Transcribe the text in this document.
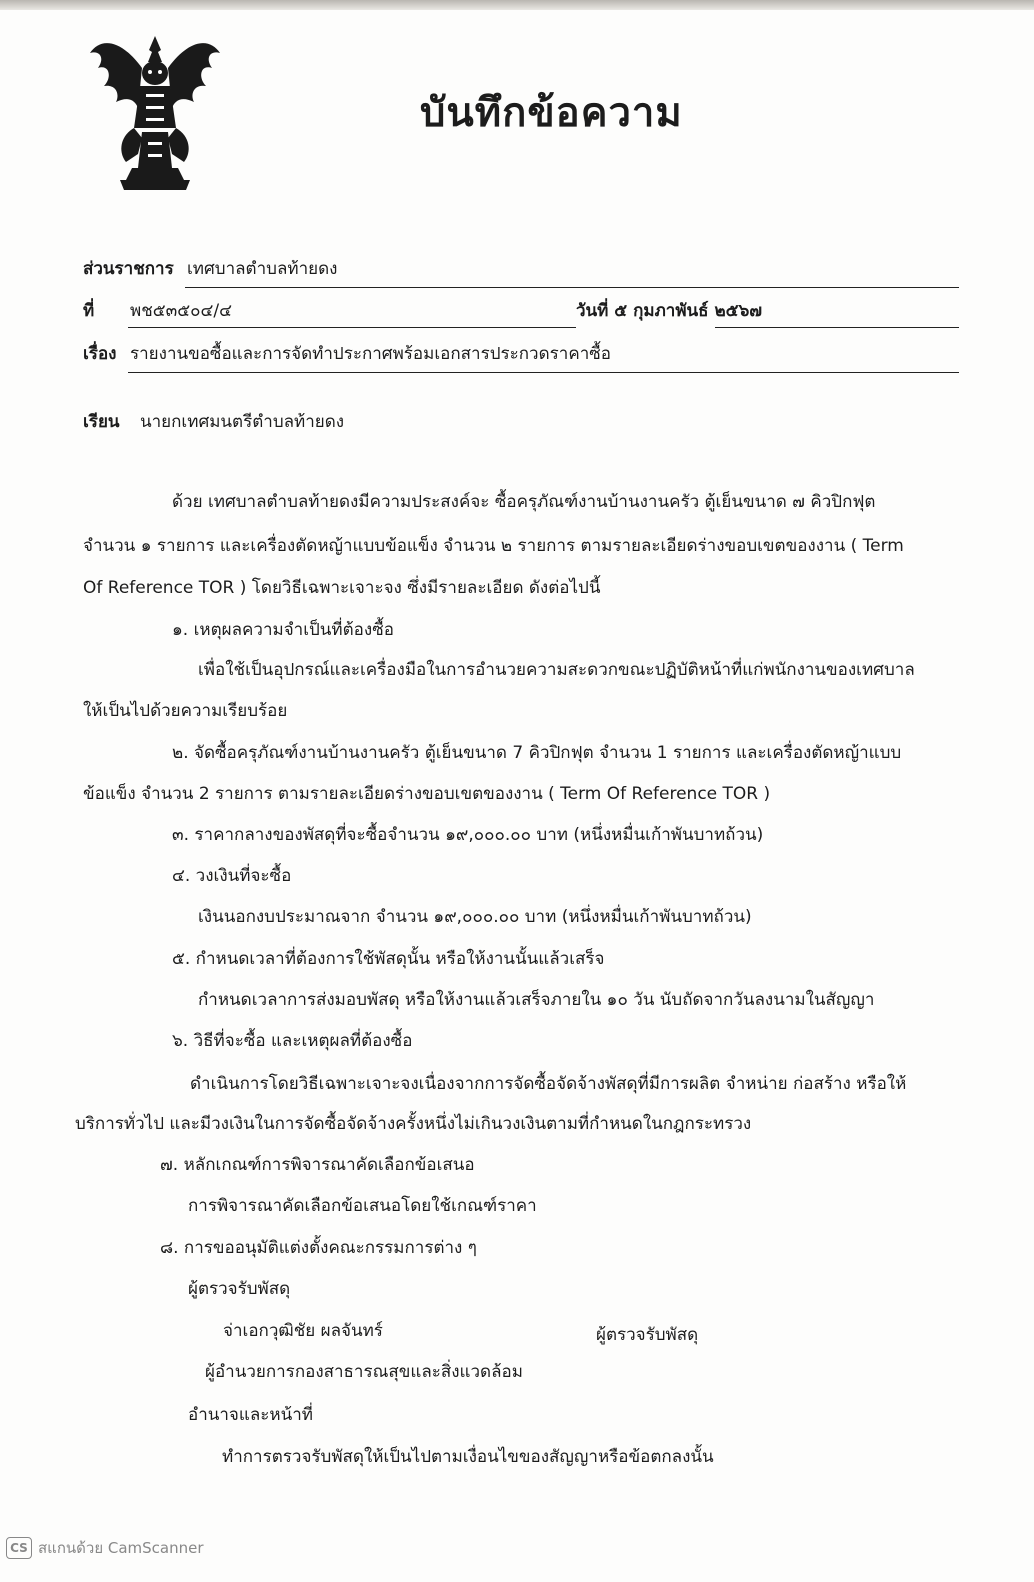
บันทึกข้อความ
ส่วนราชการ เทศบาลตำบลท้ายดง
ที่ พช๕๓๕๐๔/๔	วันที่ ๕ กุมภาพันธ์ ๒๕๖๗
เรื่อง รายงานขอซื้อและการจัดทำประกาศพร้อมเอกสารประกวดราคาซื้อ
เรียน นายกเทศมนตรีตำบลท้ายดง
ด้วย เทศบาลตำบลท้ายดงมีความประสงค์จะ ซื้อครุภัณฑ์งานบ้านงานครัว ตู้เย็นขนาด ๗ คิวปิกฟุต
จำนวน ๑ รายการ และเครื่องตัดหญ้าแบบข้อแข็ง จำนวน ๒ รายการ ตามรายละเอียดร่างขอบเขตของงาน ( Term
Of Reference TOR ) โดยวิธีเฉพาะเจาะจง ซึ่งมีรายละเอียด ดังต่อไปนี้
๑. เหตุผลความจำเป็นที่ต้องซื้อ
เพื่อใช้เป็นอุปกรณ์และเครื่องมือในการอำนวยความสะดวกขณะปฏิบัติหน้าที่แก่พนักงานของเทศบาล
ให้เป็นไปด้วยความเรียบร้อย
๒. จัดซื้อครุภัณฑ์งานบ้านงานครัว ตู้เย็นขนาด 7 คิวปิกฟุต จำนวน 1 รายการ และเครื่องตัดหญ้าแบบ
ข้อแข็ง จำนวน 2 รายการ ตามรายละเอียดร่างขอบเขตของงาน ( Term Of Reference TOR )
๓. ราคากลางของพัสดุที่จะซื้อจำนวน ๑๙,๐๐๐.๐๐ บาท (หนึ่งหมื่นเก้าพันบาทถ้วน)
๔. วงเงินที่จะซื้อ
เงินนอกงบประมาณจาก จำนวน ๑๙,๐๐๐.๐๐ บาท (หนึ่งหมื่นเก้าพันบาทถ้วน)
๕. กำหนดเวลาที่ต้องการใช้พัสดุนั้น หรือให้งานนั้นแล้วเสร็จ
กำหนดเวลาการส่งมอบพัสดุ หรือให้งานแล้วเสร็จภายใน ๑๐ วัน นับถัดจากวันลงนามในสัญญา
๖. วิธีที่จะซื้อ และเหตุผลที่ต้องซื้อ
ดำเนินการโดยวิธีเฉพาะเจาะจงเนื่องจากการจัดซื้อจัดจ้างพัสดุที่มีการผลิต จำหน่าย ก่อสร้าง หรือให้
บริการทั่วไป และมีวงเงินในการจัดซื้อจัดจ้างครั้งหนึ่งไม่เกินวงเงินตามที่กำหนดในกฎกระทรวง
๗. หลักเกณฑ์การพิจารณาคัดเลือกข้อเสนอ
การพิจารณาคัดเลือกข้อเสนอโดยใช้เกณฑ์ราคา
๘. การขออนุมัติแต่งตั้งคณะกรรมการต่าง ๆ
ผู้ตรวจรับพัสดุ
จ่าเอกวุฒิชัย ผลจันทร์	ผู้ตรวจรับพัสดุ
ผู้อำนวยการกองสาธารณสุขและสิ่งแวดล้อม
อำนาจและหน้าที่
ทำการตรวจรับพัสดุให้เป็นไปตามเงื่อนไขของสัญญาหรือข้อตกลงนั้น
CS สแกนด้วย CamScanner
